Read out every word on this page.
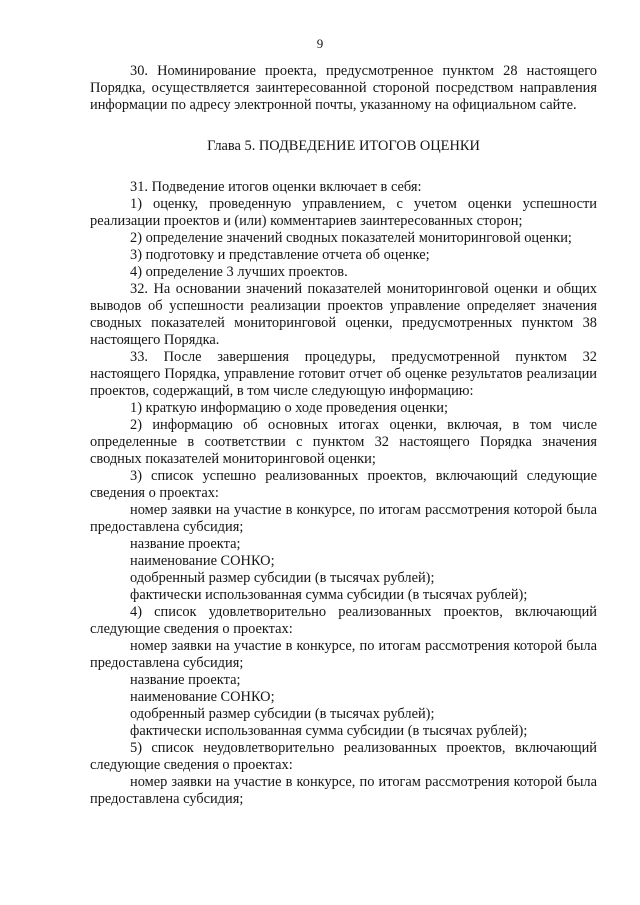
9

30. Номинирование проекта, предусмотренное пунктом 28 настоящего Порядка, осуществляется заинтересованной стороной посредством направления информации по адресу электронной почты, указанному на официальном сайте.

Глава 5. ПОДВЕДЕНИЕ ИТОГОВ ОЦЕНКИ

31. Подведение итогов оценки включает в себя:

1) оценку, проведенную управлением, с учетом оценки успешности реализации проектов и (или) комментариев заинтересованных сторон;

2) определение значений сводных показателей мониторинговой оценки;

3) подготовку и представление отчета об оценке;

4) определение 3 лучших проектов.

32. На основании значений показателей мониторинговой оценки и общих выводов об успешности реализации проектов управление определяет значения сводных показателей мониторинговой оценки, предусмотренных пунктом 38 настоящего Порядка.

33. После завершения процедуры, предусмотренной пунктом 32 настоящего Порядка, управление готовит отчет об оценке результатов реализации проектов, содержащий, в том числе следующую информацию:

1) краткую информацию о ходе проведения оценки;

2) информацию об основных итогах оценки, включая, в том числе определенные в соответствии с пунктом 32 настоящего Порядка значения сводных показателей мониторинговой оценки;

3) список успешно реализованных проектов, включающий следующие сведения о проектах:

номер заявки на участие в конкурсе, по итогам рассмотрения которой была предоставлена субсидия;

название проекта;

наименование СОНКО;

одобренный размер субсидии (в тысячах рублей);

фактически использованная сумма субсидии (в тысячах рублей);

4) список удовлетворительно реализованных проектов, включающий следующие сведения о проектах:

номер заявки на участие в конкурсе, по итогам рассмотрения которой была предоставлена субсидия;

название проекта;

наименование СОНКО;

одобренный размер субсидии (в тысячах рублей);

фактически использованная сумма субсидии (в тысячах рублей);

5) список неудовлетворительно реализованных проектов, включающий следующие сведения о проектах:

номер заявки на участие в конкурсе, по итогам рассмотрения которой была предоставлена субсидия;
